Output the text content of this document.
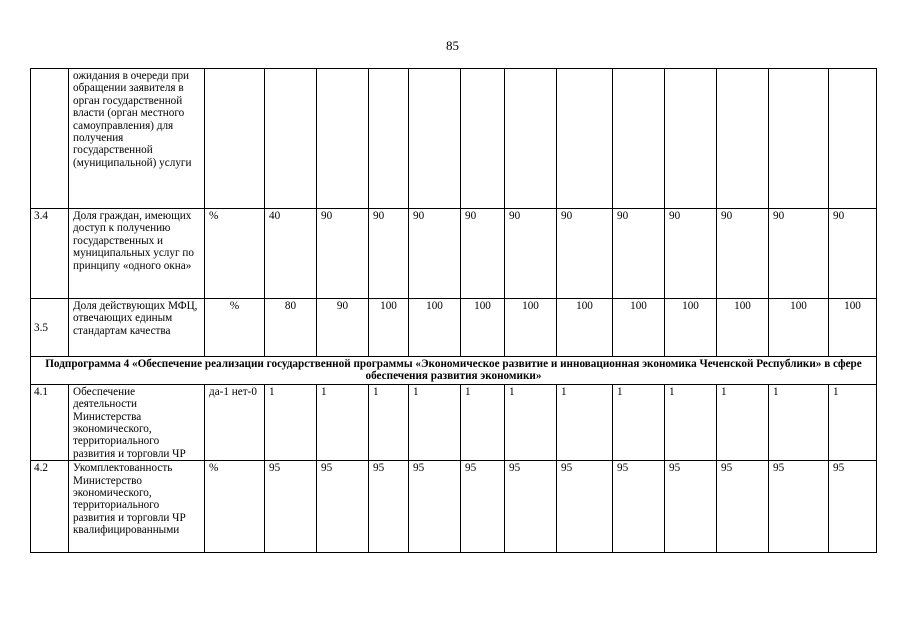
85
	ожидания в очереди при обращении заявителя в орган государственной власти (орган местного самоуправления) для получения государственной (муниципальной) услуги													
3.4	Доля граждан, имеющих доступ к получению государственных и муниципальных услуг по принципу «одного окна»	%	40	90	90	90	90	90	90	90	90	90	90	90
3.5	Доля действующих МФЦ, отвечающих единым стандартам качества	%	80	90	100	100	100	100	100	100	100	100	100	100
Подпрограмма 4 «Обеспечение реализации государственной программы «Экономическое развитие и инновационная экономика Чеченской Республики» в сфере обеспечения развития экономики»														
4.1	Обеспечение деятельности Министерства экономического, территориального развития и торговли ЧР	да-1 нет-0	1	1	1	1	1	1	1	1	1	1	1	1
4.2	Укомплектованность Министерство экономического, территориального развития и торговли ЧР квалифицированными	%	95	95	95	95	95	95	95	95	95	95	95	95
